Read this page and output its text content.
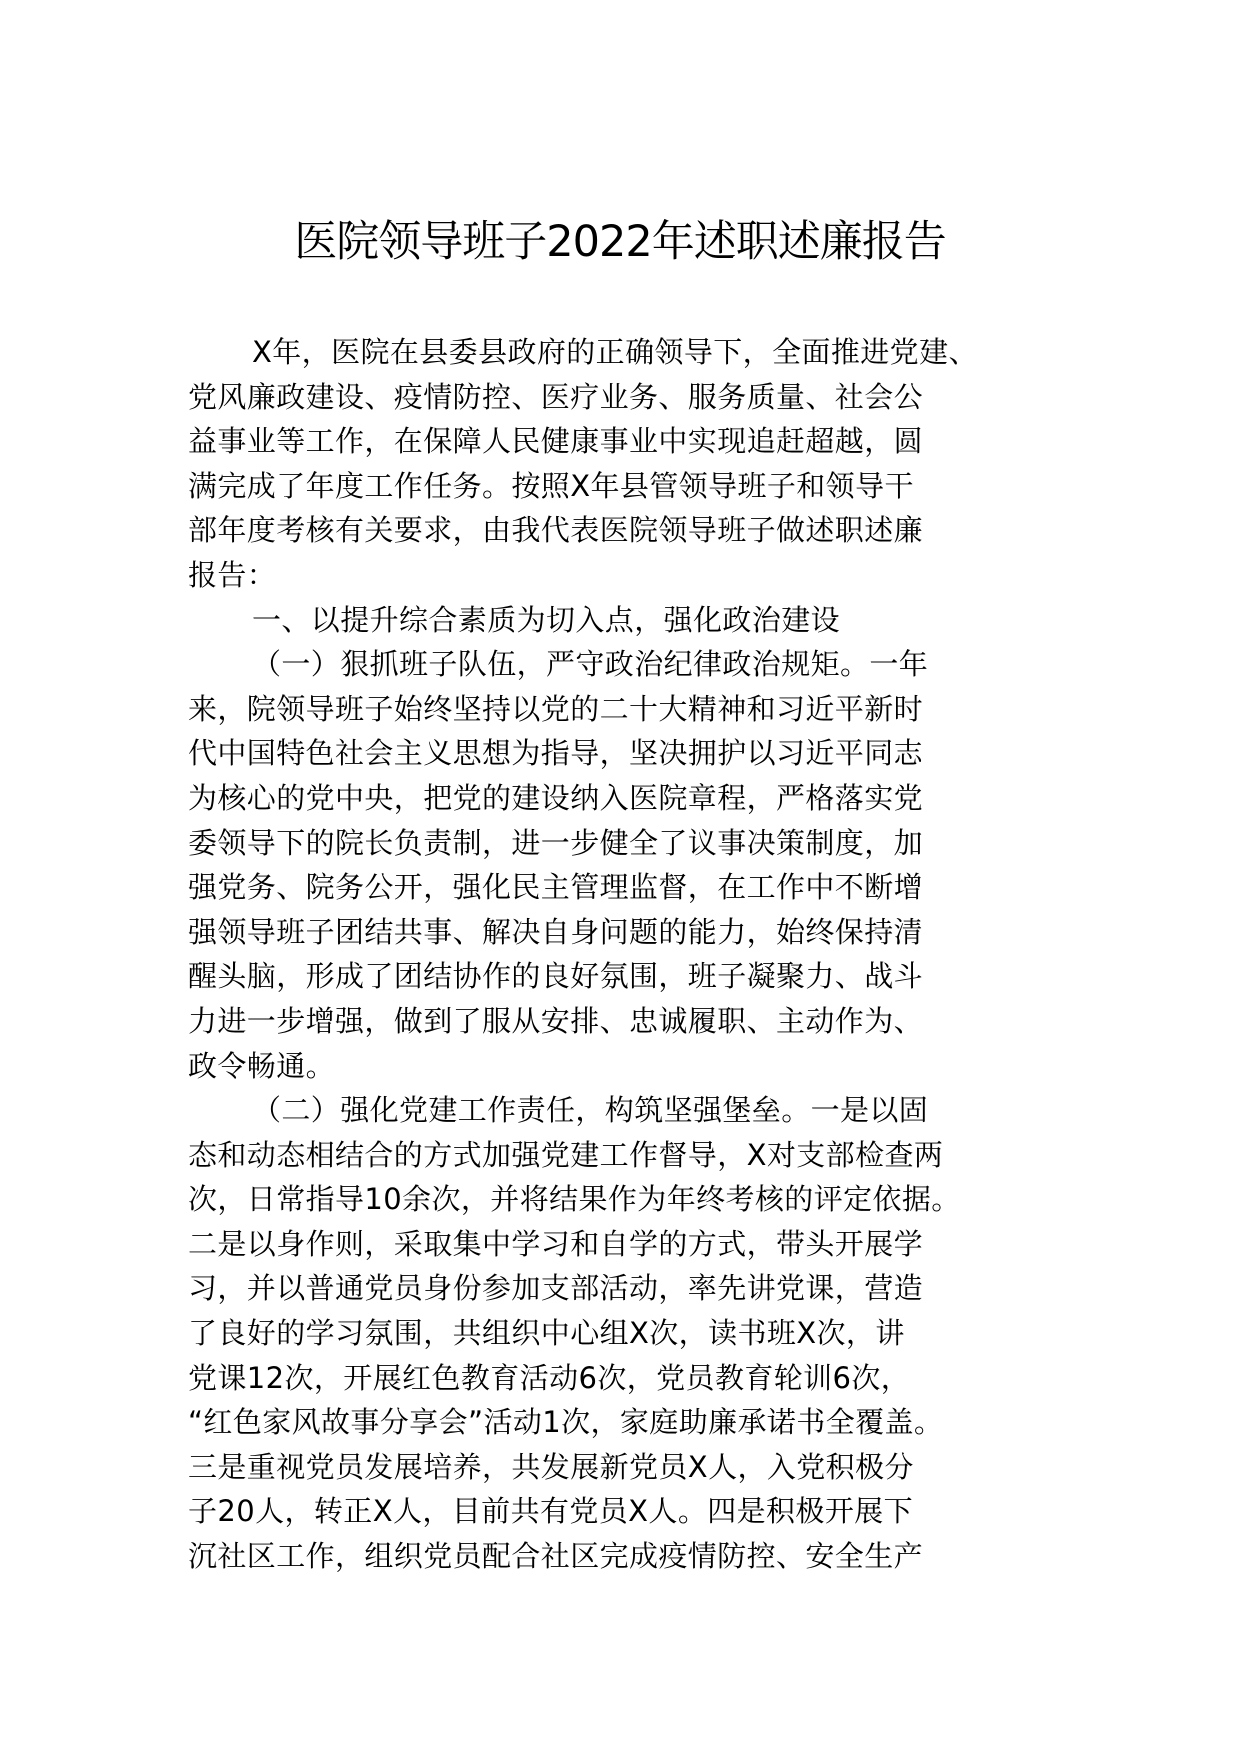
医院领导班子2022年述职述廉报告
X年，医院在县委县政府的正确领导下，全面推进党建、
党风廉政建设、疫情防控、医疗业务、服务质量、社会公
益事业等工作，在保障人民健康事业中实现追赶超越，圆
满完成了年度工作任务。按照X年县管领导班子和领导干
部年度考核有关要求，由我代表医院领导班子做述职述廉
报告：
一、以提升综合素质为切入点，强化政治建设
（一）狠抓班子队伍，严守政治纪律政治规矩。一年
来，院领导班子始终坚持以党的二十大精神和习近平新时
代中国特色社会主义思想为指导，坚决拥护以习近平同志
为核心的党中央，把党的建设纳入医院章程，严格落实党
委领导下的院长负责制，进一步健全了议事决策制度，加
强党务、院务公开，强化民主管理监督，在工作中不断增
强领导班子团结共事、解决自身问题的能力，始终保持清
醒头脑，形成了团结协作的良好氛围，班子凝聚力、战斗
力进一步增强，做到了服从安排、忠诚履职、主动作为、
政令畅通。
（二）强化党建工作责任，构筑坚强堡垒。一是以固
态和动态相结合的方式加强党建工作督导，X对支部检查两
次，日常指导10余次，并将结果作为年终考核的评定依据。
二是以身作则，采取集中学习和自学的方式，带头开展学
习，并以普通党员身份参加支部活动，率先讲党课，营造
了良好的学习氛围，共组织中心组X次，读书班X次，讲
党课12次，开展红色教育活动6次，党员教育轮训6次，
“红色家风故事分享会”活动1次，家庭助廉承诺书全覆盖。
三是重视党员发展培养，共发展新党员X人，入党积极分
子20人，转正X人，目前共有党员X人。四是积极开展下
沉社区工作，组织党员配合社区完成疫情防控、安全生产
